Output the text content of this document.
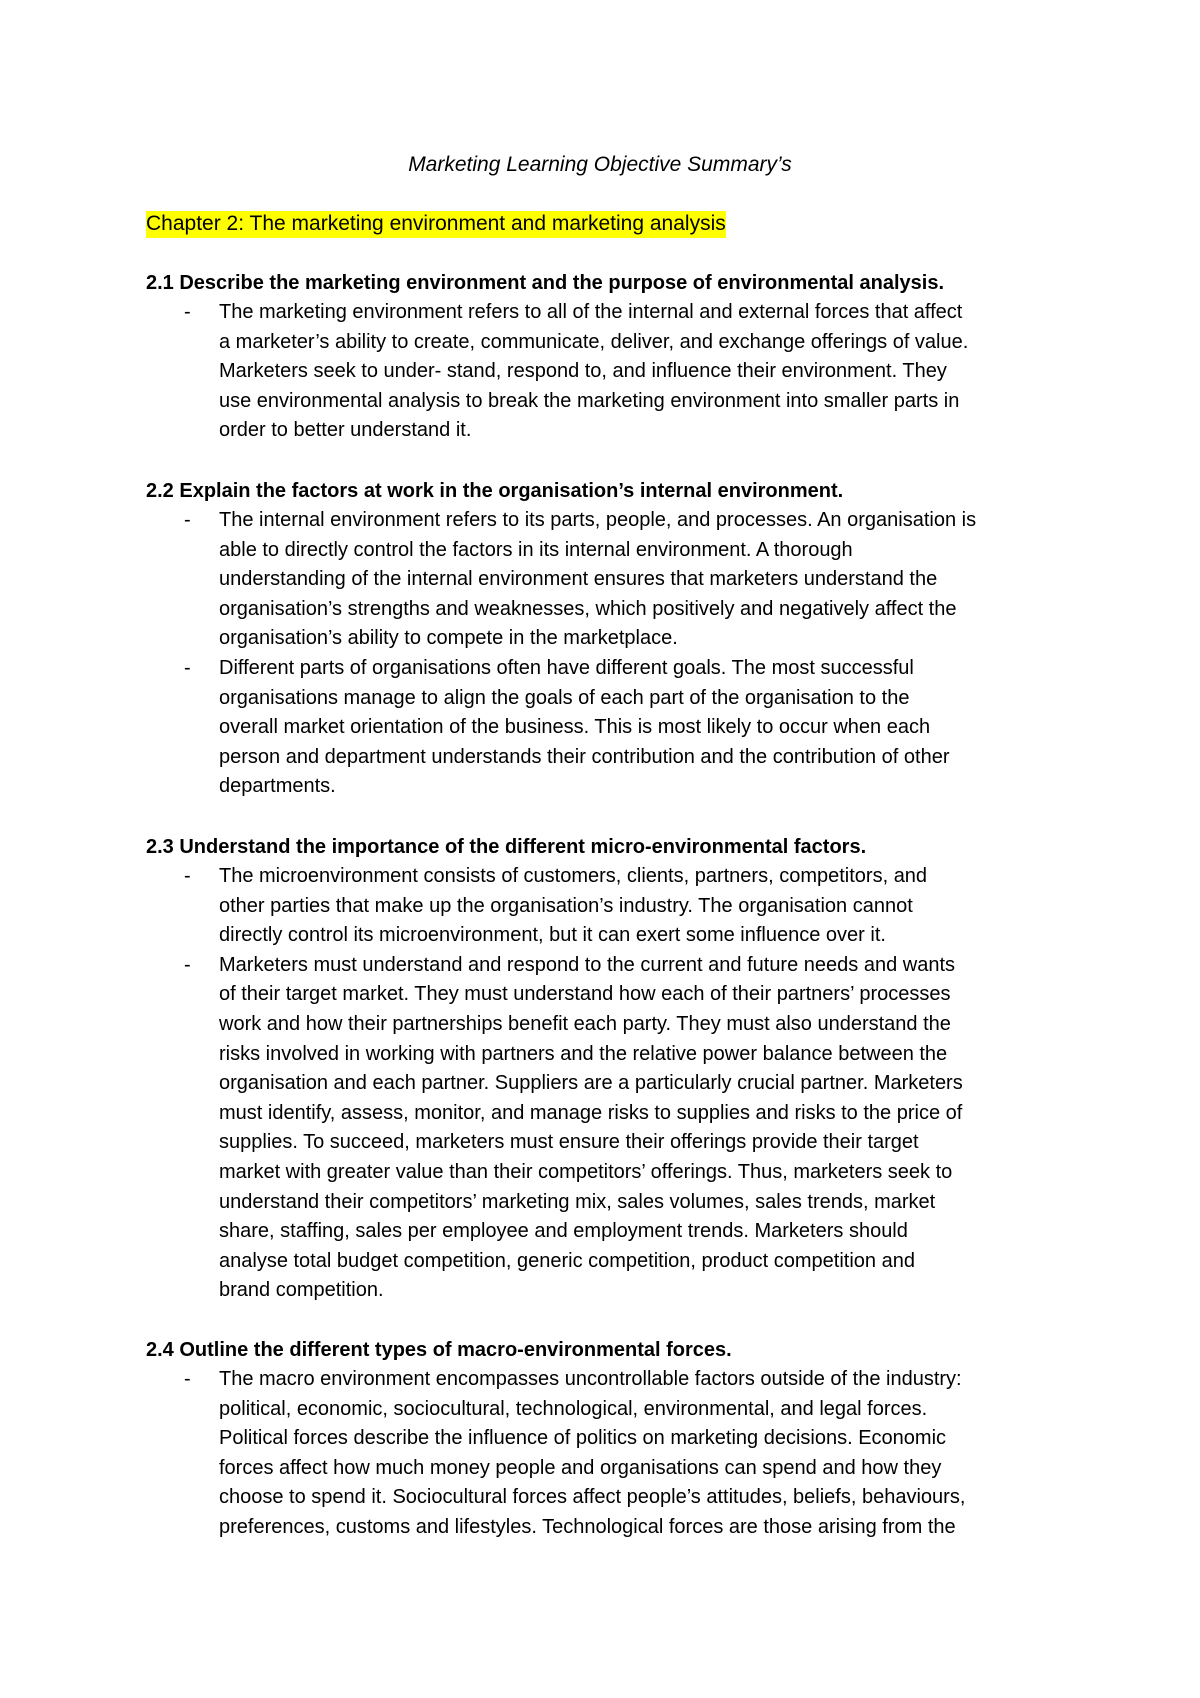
Marketing Learning Objective Summary’s
Chapter 2: The marketing environment and marketing analysis
2.1 Describe the marketing environment and the purpose of environmental analysis.
- The marketing environment refers to all of the internal and external forces that affect
a marketer’s ability to create, communicate, deliver, and exchange offerings of value.
Marketers seek to under- stand, respond to, and influence their environment. They
use environmental analysis to break the marketing environment into smaller parts in
order to better understand it.
2.2 Explain the factors at work in the organisation’s internal environment.
- The internal environment refers to its parts, people, and processes. An organisation is
able to directly control the factors in its internal environment. A thorough
understanding of the internal environment ensures that marketers understand the
organisation’s strengths and weaknesses, which positively and negatively affect the
organisation’s ability to compete in the marketplace.
- Different parts of organisations often have different goals. The most successful
organisations manage to align the goals of each part of the organisation to the
overall market orientation of the business. This is most likely to occur when each
person and department understands their contribution and the contribution of other
departments.
2.3 Understand the importance of the different micro-environmental factors.
- The microenvironment consists of customers, clients, partners, competitors, and
other parties that make up the organisation’s industry. The organisation cannot
directly control its microenvironment, but it can exert some influence over it.
- Marketers must understand and respond to the current and future needs and wants
of their target market. They must understand how each of their partners’ processes
work and how their partnerships benefit each party. They must also understand the
risks involved in working with partners and the relative power balance between the
organisation and each partner. Suppliers are a particularly crucial partner. Marketers
must identify, assess, monitor, and manage risks to supplies and risks to the price of
supplies. To succeed, marketers must ensure their offerings provide their target
market with greater value than their competitors’ offerings. Thus, marketers seek to
understand their competitors’ marketing mix, sales volumes, sales trends, market
share, staffing, sales per employee and employment trends. Marketers should
analyse total budget competition, generic competition, product competition and
brand competition.
2.4 Outline the different types of macro-environmental forces.
- The macro environment encompasses uncontrollable factors outside of the industry:
political, economic, sociocultural, technological, environmental, and legal forces.
Political forces describe the influence of politics on marketing decisions. Economic
forces affect how much money people and organisations can spend and how they
choose to spend it. Sociocultural forces affect people’s attitudes, beliefs, behaviours,
preferences, customs and lifestyles. Technological forces are those arising from the
